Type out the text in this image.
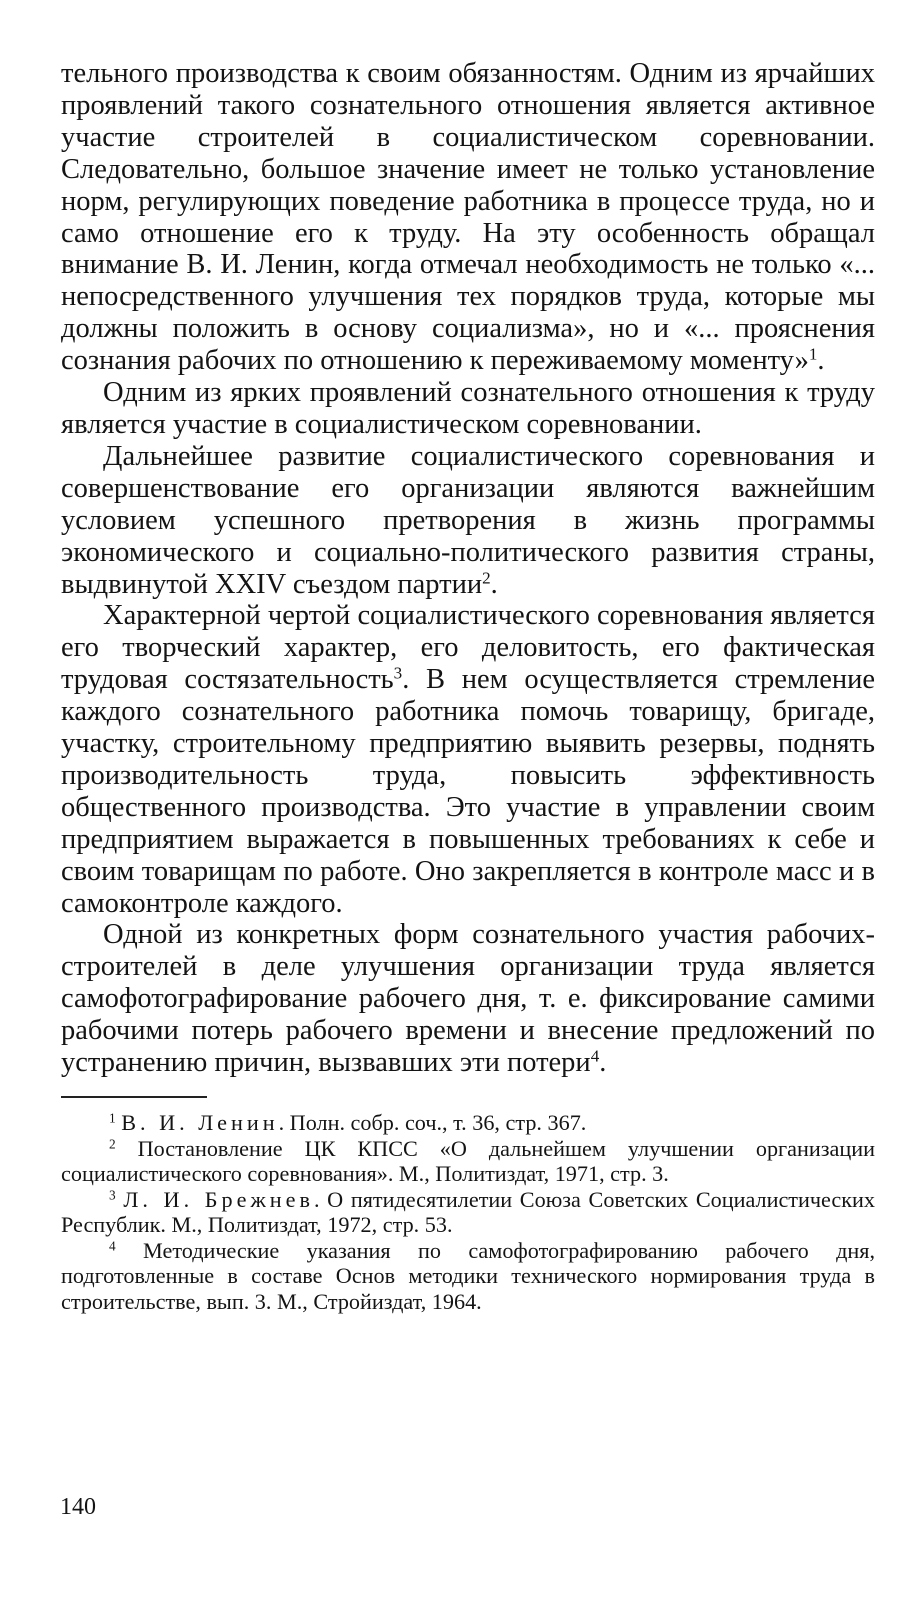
тельного производства к своим обязанностям. Одним из ярчайших проявлений такого сознательного отношения является активное участие строителей в социалистическом соревновании. Следовательно, большое значение имеет не только установление норм, регулирующих поведение работника в процессе труда, но и само отношение его к труду. На эту особенность обращал внимание В. И. Ленин, когда отмечал необходимость не только «... непосредственного улучшения тех порядков труда, которые мы должны положить в основу социализма», но и «... прояснения сознания рабочих по отношению к переживаемому моменту»$^1$.

Одним из ярких проявлений сознательного отношения к труду является участие в социалистическом соревновании.

Дальнейшее развитие социалистического соревнования и совершенствование его организации являются важнейшим условием успешного претворения в жизнь программы экономического и социально-политического развития страны, выдвинутой XXIV съездом партии$^2$.

Характерной чертой социалистического соревнования является его творческий характер, его деловитость, его фактическая трудовая состязательность$^3$. В нем осуществляется стремление каждого сознательного работника помочь товарищу, бригаде, участку, строительному предприятию выявить резервы, поднять производительность труда, повысить эффективность общественного производства. Это участие в управлении своим предприятием выражается в повышенных требованиях к себе и своим товарищам по работе. Оно закрепляется в контроле масс и в самоконтроле каждого.

Одной из конкретных форм сознательного участия рабочих-строителей в деле улучшения организации труда является самофотографирование рабочего дня, т. е. фиксирование самими рабочими потерь рабочего времени и внесение предложений по устранению причин, вызвавших эти потери$^4$.

$^1$ В. И. Ленин. Полн. собр. соч., т. 36, стр. 367.

$^2$ Постановление ЦК КПСС «О дальнейшем улучшении организации социалистического соревнования». М., Политиздат, 1971, стр. 3.

$^3$ Л. И. Брежнев. О пятидесятилетии Союза Советских Социалистических Республик. М., Политиздат, 1972, стр. 53.

$^4$ Методические указания по самофотографированию рабочего дня, подготовленные в составе Основ методики технического нормирования труда в строительстве, вып. 3. М., Стройиздат, 1964.

140
